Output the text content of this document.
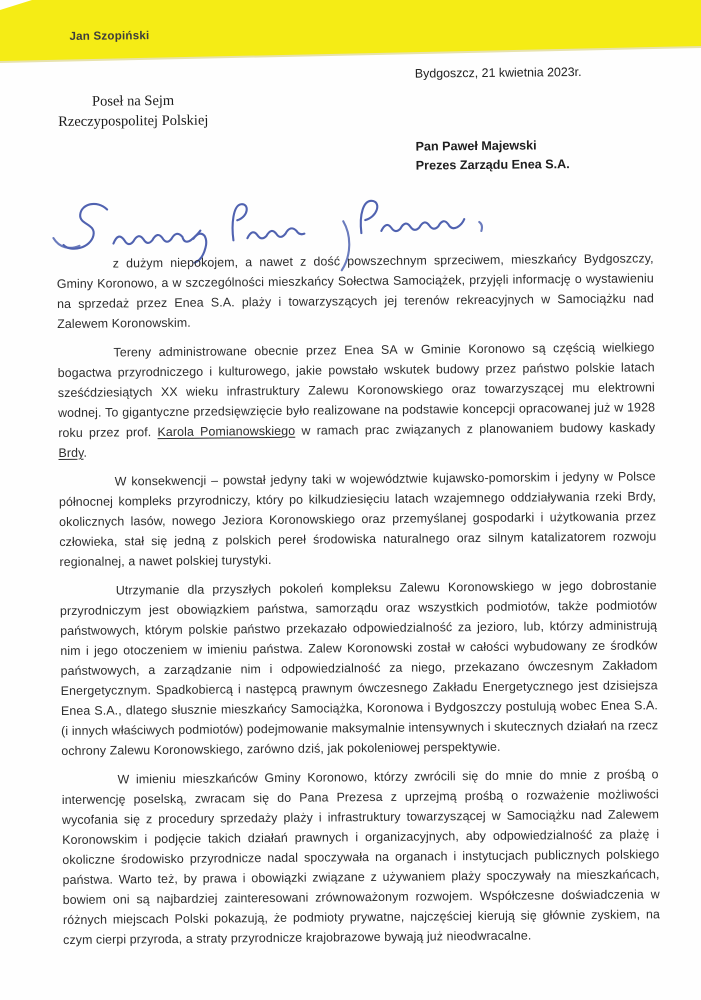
Jan Szopiński
Bydgoszcz, 21 kwietnia 2023r.
Poseł na Sejm
Rzeczypospolitej Polskiej
Pan Paweł Majewski
Prezes Zarządu Enea S.A.

z dużym niepokojem, a nawet z dość powszechnym sprzeciwem, mieszkańcy Bydgoszczy, Gminy Koronowo, a w szczególności mieszkańcy Sołectwa Samociążek, przyjęli informację o wystawieniu na sprzedaż przez Enea S.A. plaży i towarzyszących jej terenów rekreacyjnych w Samociążku nad Zalewem Koronowskim.

Tereny administrowane obecnie przez Enea SA w Gminie Koronowo są częścią wielkiego bogactwa przyrodniczego i kulturowego, jakie powstało wskutek budowy przez państwo polskie latach sześćdziesiątych XX wieku infrastruktury Zalewu Koronowskiego oraz towarzyszącej mu elektrowni wodnej. To gigantyczne przedsięwzięcie było realizowane na podstawie koncepcji opracowanej już w 1928 roku przez prof. Karola Pomianowskiego w ramach prac związanych z planowaniem budowy kaskady Brdy.

W konsekwencji – powstał jedyny taki w województwie kujawsko-pomorskim i jedyny w Polsce północnej kompleks przyrodniczy, który po kilkudziesięciu latach wzajemnego oddziaływania rzeki Brdy, okolicznych lasów, nowego Jeziora Koronowskiego oraz przemyślanej gospodarki i użytkowania przez człowieka, stał się jedną z polskich pereł środowiska naturalnego oraz silnym katalizatorem rozwoju regionalnej, a nawet polskiej turystyki.

Utrzymanie dla przyszłych pokoleń kompleksu Zalewu Koronowskiego w jego dobrostanie przyrodniczym jest obowiązkiem państwa, samorządu oraz wszystkich podmiotów, także podmiotów państwowych, którym polskie państwo przekazało odpowiedzialność za jezioro, lub, którzy administrują nim i jego otoczeniem w imieniu państwa. Zalew Koronowski został w całości wybudowany ze środków państwowych, a zarządzanie nim i odpowiedzialność za niego, przekazano ówczesnym Zakładom Energetycznym. Spadkobiercą i następcą prawnym ówczesnego Zakładu Energetycznego jest dzisiejsza Enea S.A., dlatego słusznie mieszkańcy Samociążka, Koronowa i Bydgoszczy postulują wobec Enea S.A. (i innych właściwych podmiotów) podejmowanie maksymalnie intensywnych i skutecznych działań na rzecz ochrony Zalewu Koronowskiego, zarówno dziś, jak pokoleniowej perspektywie.

W imieniu mieszkańców Gminy Koronowo, którzy zwrócili się do mnie do mnie z prośbą o interwencję poselską, zwracam się do Pana Prezesa z uprzejmą prośbą o rozważenie możliwości wycofania się z procedury sprzedaży plaży i infrastruktury towarzyszącej w Samociążku nad Zalewem Koronowskim i podjęcie takich działań prawnych i organizacyjnych, aby odpowiedzialność za plażę i okoliczne środowisko przyrodnicze nadal spoczywała na organach i instytucjach publicznych polskiego państwa. Warto też, by prawa i obowiązki związane z używaniem plaży spoczywały na mieszkańcach, bowiem oni są najbardziej zainteresowani zrównoważonym rozwojem. Współczesne doświadczenia w różnych miejscach Polski pokazują, że podmioty prywatne, najczęściej kierują się głównie zyskiem, na czym cierpi przyroda, a straty przyrodnicze krajobrazowe bywają już nieodwracalne.
